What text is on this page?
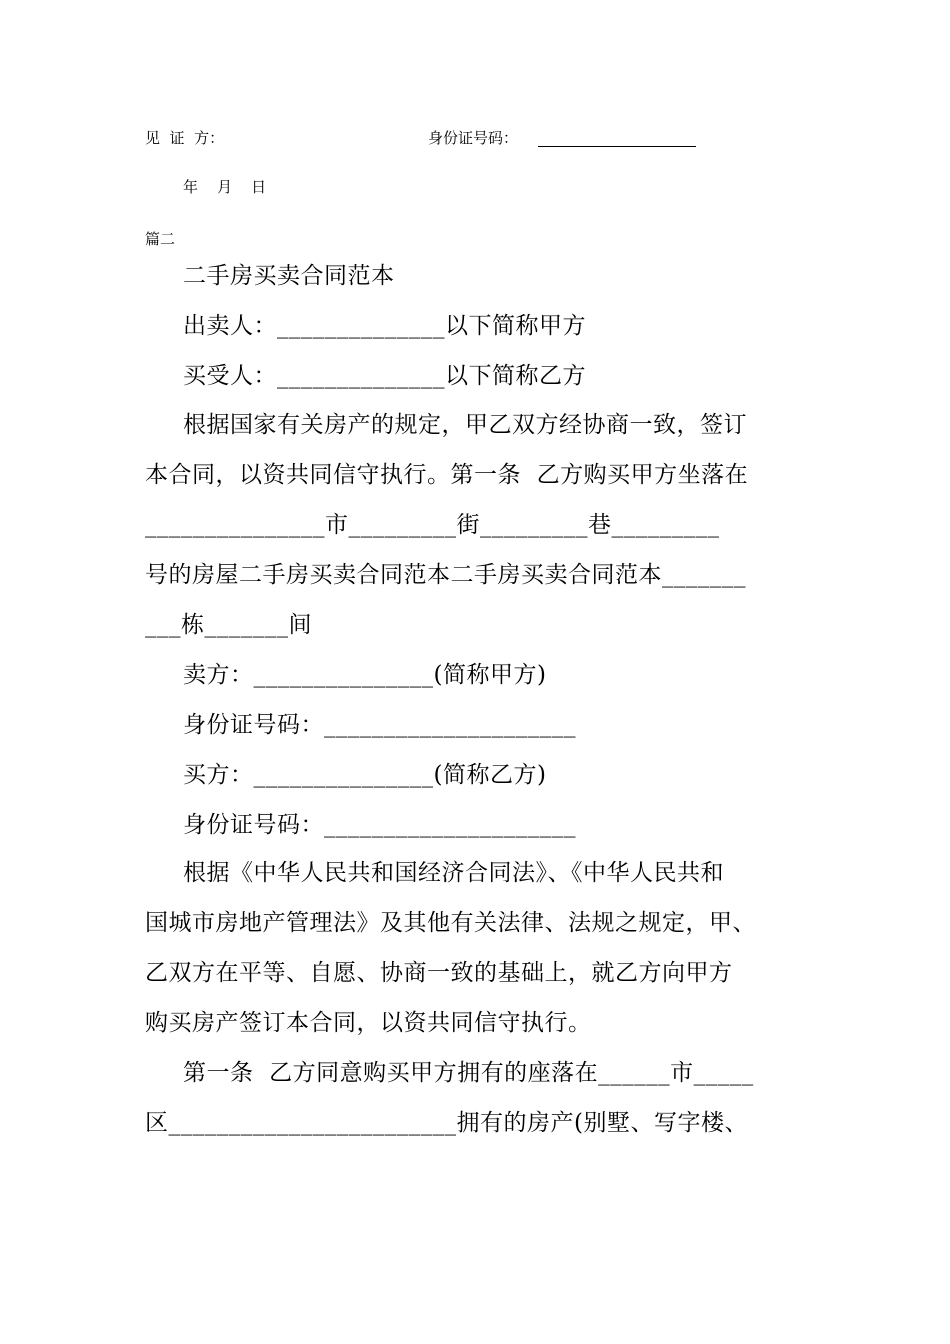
见  证  方：	身份证号码：
年    月    日
篇二
二手房买卖合同范本
出卖人：______________以下简称甲方
买受人：______________以下简称乙方
根据国家有关房产的规定，甲乙双方经协商一致，签订
本合同，以资共同信守执行。第一条  乙方购买甲方坐落在
_______________市_________街_________巷_________
号的房屋二手房买卖合同范本二手房买卖合同范本_______
___栋_______间
卖方：_______________(简称甲方)
身份证号码：_____________________
买方：_______________(简称乙方)
身份证号码：_____________________
根据《中华人民共和国经济合同法》、《中华人民共和
国城市房地产管理法》及其他有关法律、法规之规定，甲、
乙双方在平等、自愿、协商一致的基础上，就乙方向甲方
购买房产签订本合同，以资共同信守执行。
第一条  乙方同意购买甲方拥有的座落在______市_____
区________________________拥有的房产(别墅、写字楼、
